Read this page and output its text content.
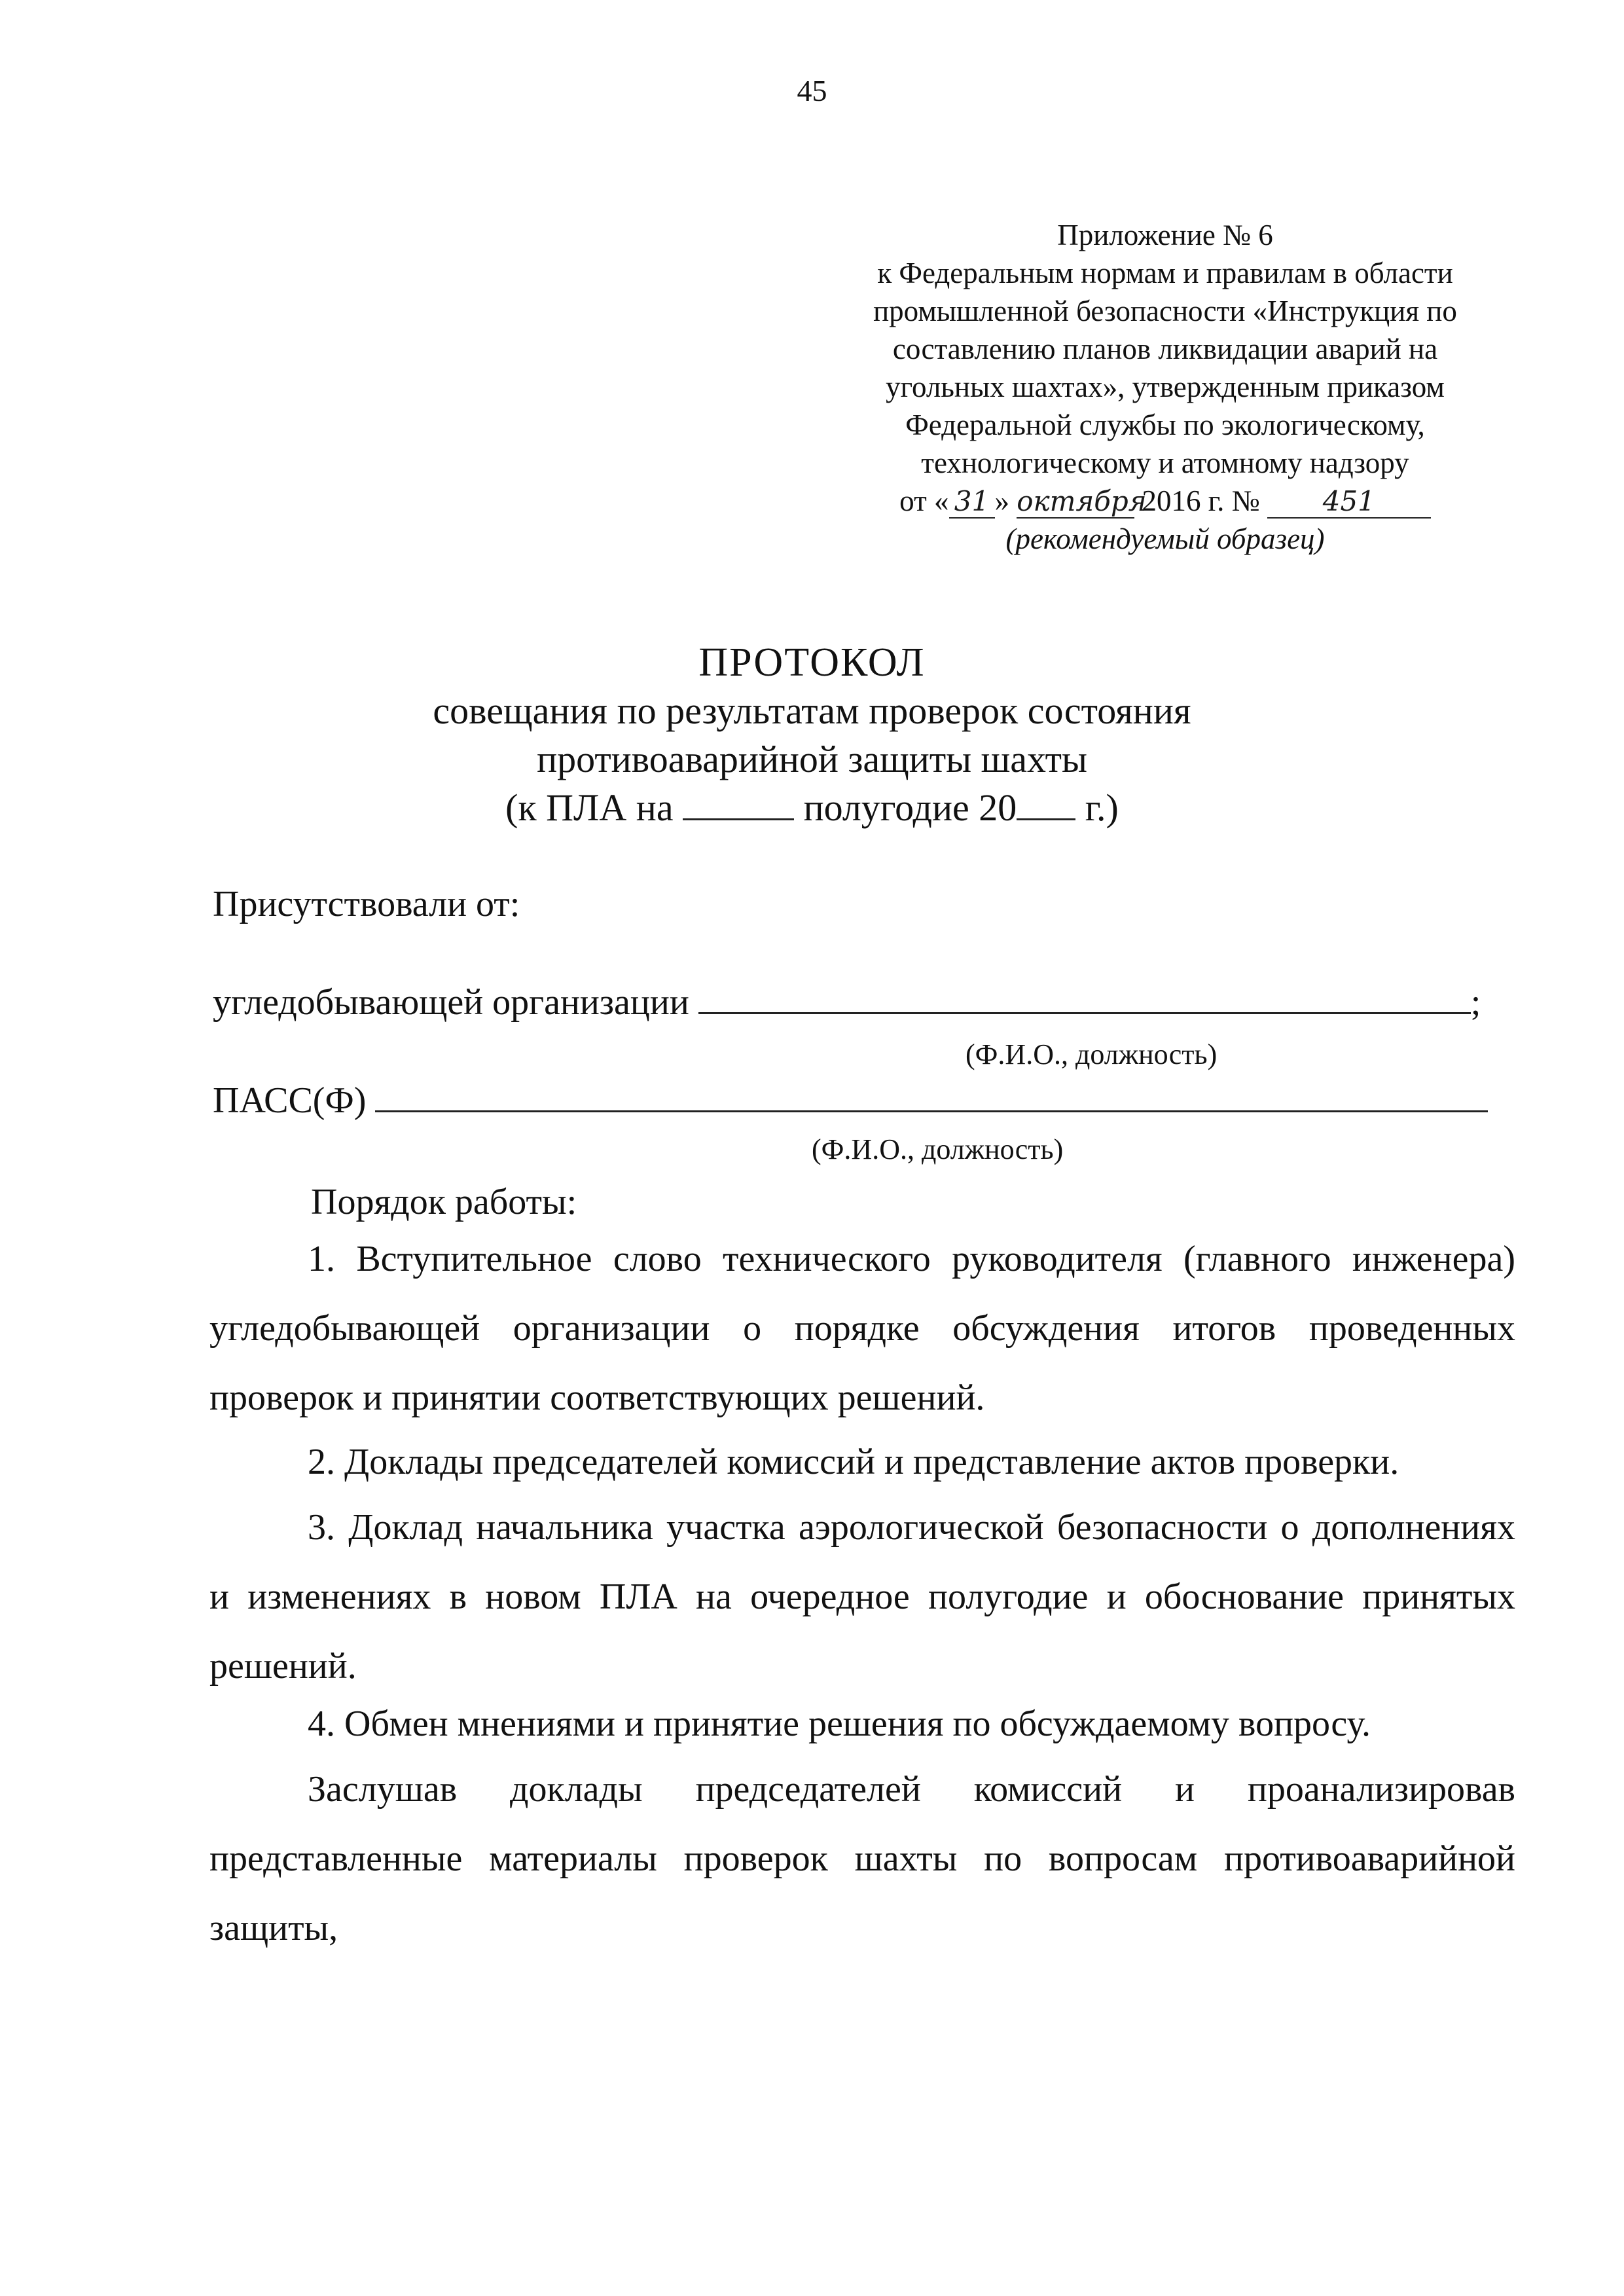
45
Приложение № 6
к Федеральным нормам и правилам в области
промышленной безопасности «Инструкция по
составлению планов ликвидации аварий на
угольных шахтах», утвержденным приказом
Федеральной службы по экологическому,
технологическому и атомному надзору
от « 31 » октября 2016 г. № 451
(рекомендуемый образец)
ПРОТОКОЛ
совещания по результатам проверок состояния
противоаварийной защиты шахты
(к ПЛА на	полугодие 20 г.)
Присутствовали от:
угледобывающей организации	;
(Ф.И.О., должность)
ПАСС(Ф)
(Ф.И.О., должность)
Порядок работы:
1. Вступительное слово технического руководителя (главного инженера) угледобывающей организации о порядке обсуждения итогов проведенных проверок и принятии соответствующих решений.
2. Доклады председателей комиссий и представление актов проверки.
3. Доклад начальника участка аэрологической безопасности о дополнениях и изменениях в новом ПЛА на очередное полугодие и обоснование принятых решений.
4. Обмен мнениями и принятие решения по обсуждаемому вопросу.
Заслушав доклады председателей комиссий и проанализировав представленные материалы проверок шахты по вопросам противоаварийной защиты,
